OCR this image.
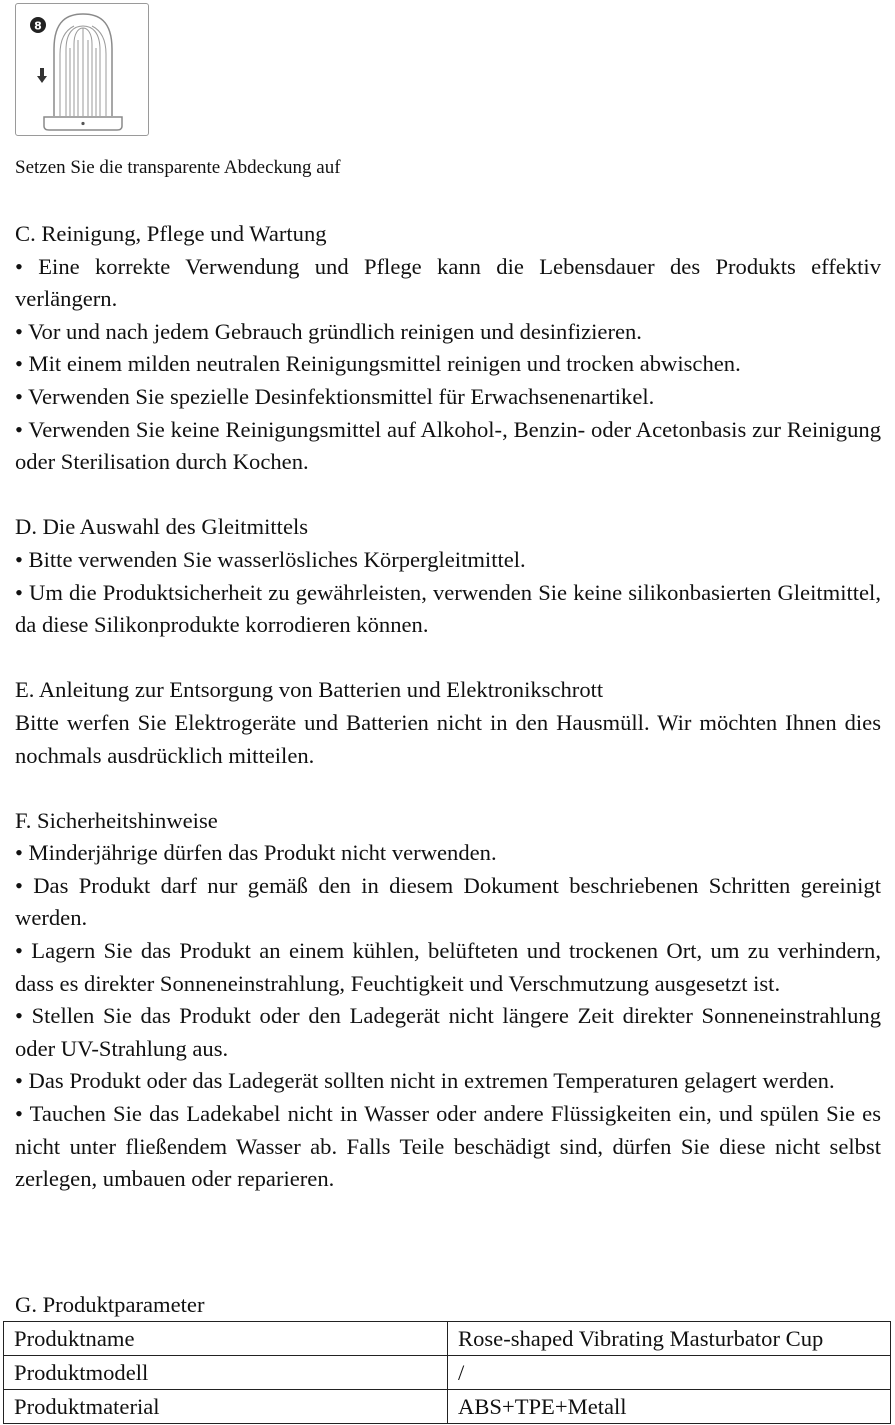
8
Setzen Sie die transparente Abdeckung auf
C. Reinigung, Pflege und Wartung

• Eine korrekte Verwendung und Pflege kann die Lebensdauer des Produkts effektiv verlängern.

• Vor und nach jedem Gebrauch gründlich reinigen und desinfizieren.

• Mit einem milden neutralen Reinigungsmittel reinigen und trocken abwischen.

• Verwenden Sie spezielle Desinfektionsmittel für Erwachsenenartikel.

• Verwenden Sie keine Reinigungsmittel auf Alkohol-, Benzin- oder Acetonbasis zur Reinigung oder Sterilisation durch Kochen.

D. Die Auswahl des Gleitmittels

• Bitte verwenden Sie wasserlösliches Körpergleitmittel.

• Um die Produktsicherheit zu gewährleisten, verwenden Sie keine silikonbasierten Gleitmittel, da diese Silikonprodukte korrodieren können.

E. Anleitung zur Entsorgung von Batterien und Elektronikschrott

Bitte werfen Sie Elektrogeräte und Batterien nicht in den Hausmüll. Wir möchten Ihnen dies nochmals ausdrücklich mitteilen.

F. Sicherheitshinweise

• Minderjährige dürfen das Produkt nicht verwenden.

• Das Produkt darf nur gemäß den in diesem Dokument beschriebenen Schritten gereinigt werden.

• Lagern Sie das Produkt an einem kühlen, belüfteten und trockenen Ort, um zu verhindern, dass es direkter Sonneneinstrahlung, Feuchtigkeit und Verschmutzung ausgesetzt ist.

• Stellen Sie das Produkt oder den Ladegerät nicht längere Zeit direkter Sonneneinstrahlung oder UV-Strahlung aus.

• Das Produkt oder das Ladegerät sollten nicht in extremen Temperaturen gelagert werden.

• Tauchen Sie das Ladekabel nicht in Wasser oder andere Flüssigkeiten ein, und spülen Sie es nicht unter fließendem Wasser ab. Falls Teile beschädigt sind, dürfen Sie diese nicht selbst zerlegen, umbauen oder reparieren.

G. Produktparameter
Produktname	Rose-shaped Vibrating Masturbator Cup
Produktmodell	/
Produktmaterial	ABS+TPE+Metall
